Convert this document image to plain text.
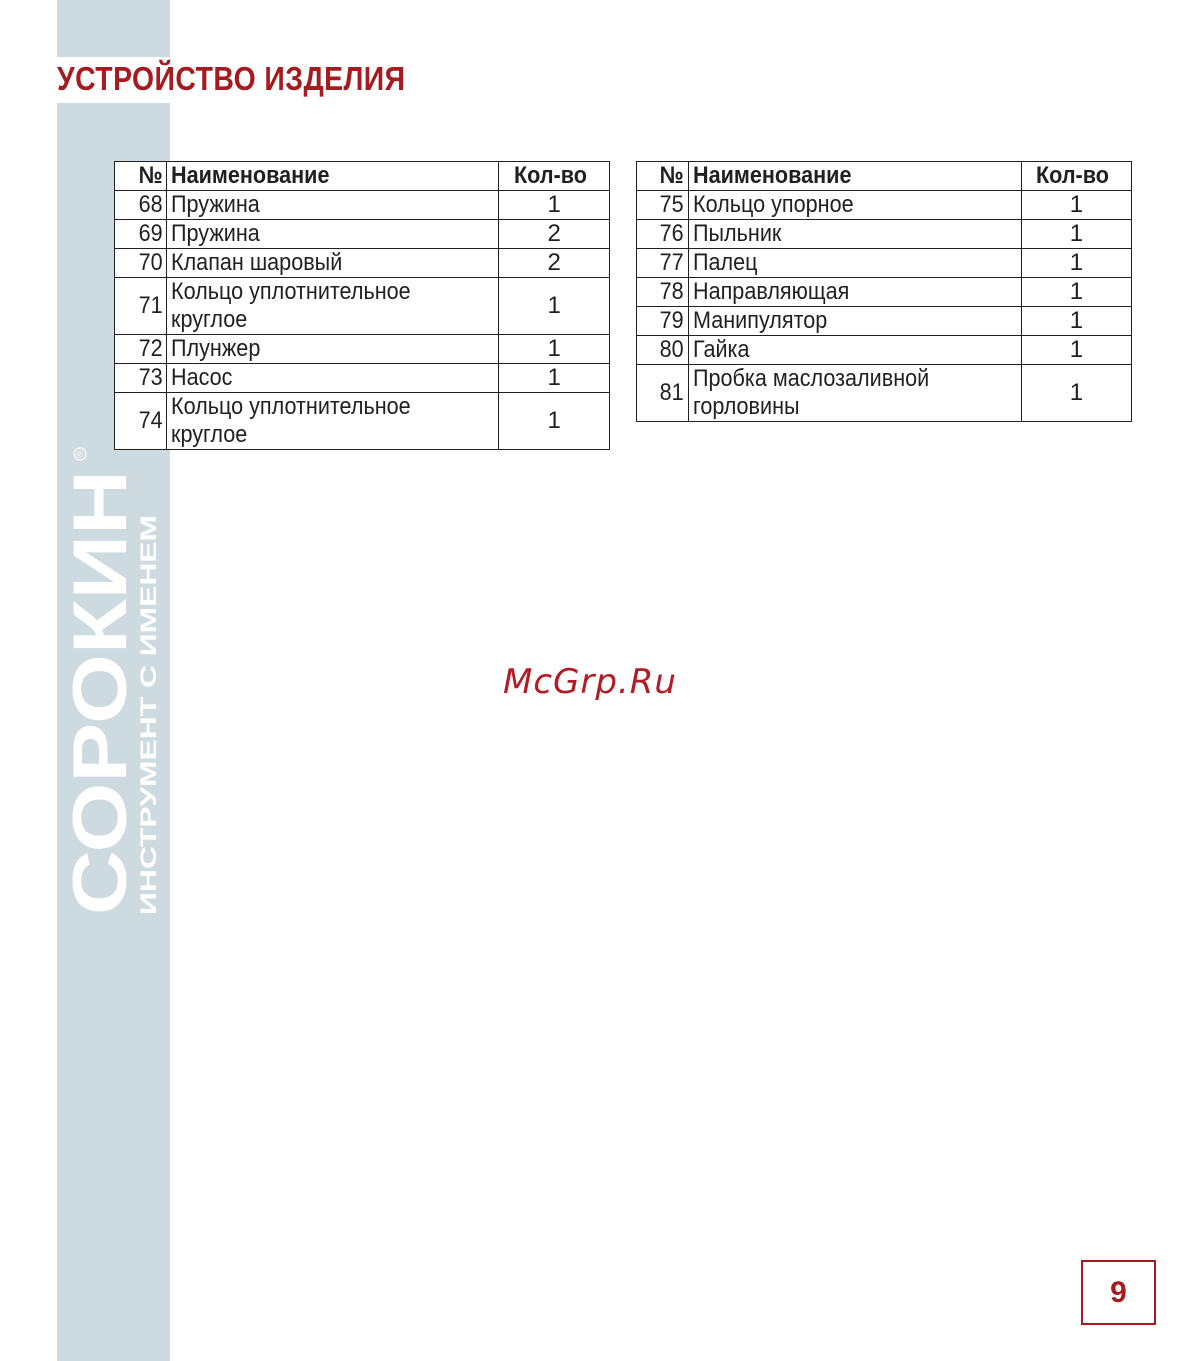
УСТРОЙСТВО ИЗДЕЛИЯ
СОРОКИН
ИНСТРУМЕНТ С ИМЕНЕМ
®
№	Наименование	Кол-во
68	Пружина	1
69	Пружина	2
70	Клапан шаровый	2
71	Кольцо уплотнительное
круглое	1
72	Плунжер	1
73	Насос	1
74	Кольцо уплотнительное
круглое	1
№	Наименование	Кол-во
75	Кольцо упорное	1
76	Пыльник	1
77	Палец	1
78	Направляющая	1
79	Манипулятор	1
80	Гайка	1
81	Пробка маслозаливной
горловины	1
McGrp.Ru
9
